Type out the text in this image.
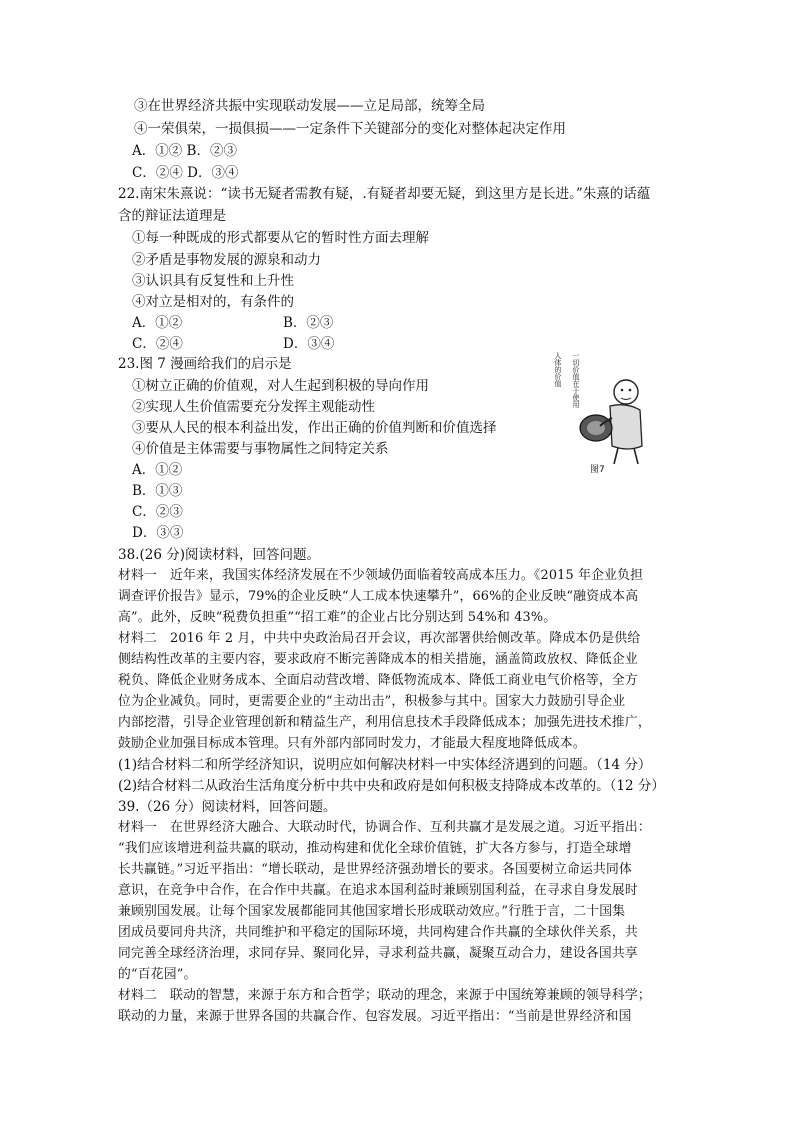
③在世界经济共振中实现联动发展——立足局部，统筹全局
④一荣俱荣，一损俱损——一定条件下关键部分的变化对整体起决定作用
A．①② B．②③
C．②④ D．③④
22.南宋朱熹说：“读书无疑者需教有疑，.有疑者却要无疑，到这里方是长进。”朱熹的话蕴
含的辩证法道理是
①每一种既成的形式都要从它的暂时性方面去理解
②矛盾是事物发展的源泉和动力
③认识具有反复性和上升性
④对立是相对的，有条件的
A．①②
C．②④
B．②③
D．③④
23.图 7 漫画给我们的启示是
①树立正确的价值观，对人生起到积极的导向作用
②实现人生价值需要充分发挥主观能动性
③要从人民的根本利益出发，作出正确的价值判断和价值选择
④价值是主体需要与事物属性之间特定关系
A．①②
B．①③
C．②③
D．③③
38.(26 分)阅读材料，回答问题。
材料一　近年来，我国实体经济发展在不少领域仍面临着较高成本压力。《2015 年企业负担
调查评价报告》显示，79%的企业反映“人工成本快速攀升”，66%的企业反映“融资成本高
高”。此外，反映“税费负担重”“招工难”的企业占比分别达到 54%和 43%。
材料二　2016 年 2 月，中共中央政治局召开会议，再次部署供给侧改革。降成本仍是供给
侧结构性改革的主要内容，要求政府不断完善降成本的相关措施，涵盖简政放权、降低企业
税负、降低企业财务成本、全面启动营改增、降低物流成本、降低工商业电气价格等，全方
位为企业减负。同时，更需要企业的“主动出击”，积极参与其中。国家大力鼓励引导企业
内部挖潜，引导企业管理创新和精益生产，利用信息技术手段降低成本；加强先进技术推广，
鼓励企业加强目标成本管理。只有外部内部同时发力，才能最大程度地降低成本。
(1)结合材料二和所学经济知识，说明应如何解决材料一中实体经济遇到的问题。（14 分）
(2)结合材料二从政治生活角度分析中共中央和政府是如何积极支持降成本改革的。（12 分）
39.（26 分）阅读材料，回答问题。
材料一　在世界经济大融合、大联动时代，协调合作、互利共赢才是发展之道。习近平指出：
“我们应该增进利益共赢的联动，推动构建和优化全球价值链，扩大各方参与，打造全球增
长共赢链。”习近平指出：“增长联动，是世界经济强劲增长的要求。各国要树立命运共同体
意识，在竞争中合作，在合作中共赢。在追求本国利益时兼顾别国利益，在寻求自身发展时
兼顾别国发展。让每个国家发展都能同其他国家增长形成联动效应。”行胜于言，二十国集
团成员要同舟共济，共同维护和平稳定的国际环境，共同构建合作共赢的全球伙伴关系，共
同完善全球经济治理，求同存异、聚同化异，寻求利益共赢，凝聚互动合力，建设各国共享
的“百花园”。
材料二　联动的智慧，来源于东方和合哲学；联动的理念，来源于中国统筹兼顾的领导科学；
联动的力量，来源于世界各国的共赢合作、包容发展。习近平指出：“当前是世界经济和国
人体的价值 一切价值在于使用
图7
